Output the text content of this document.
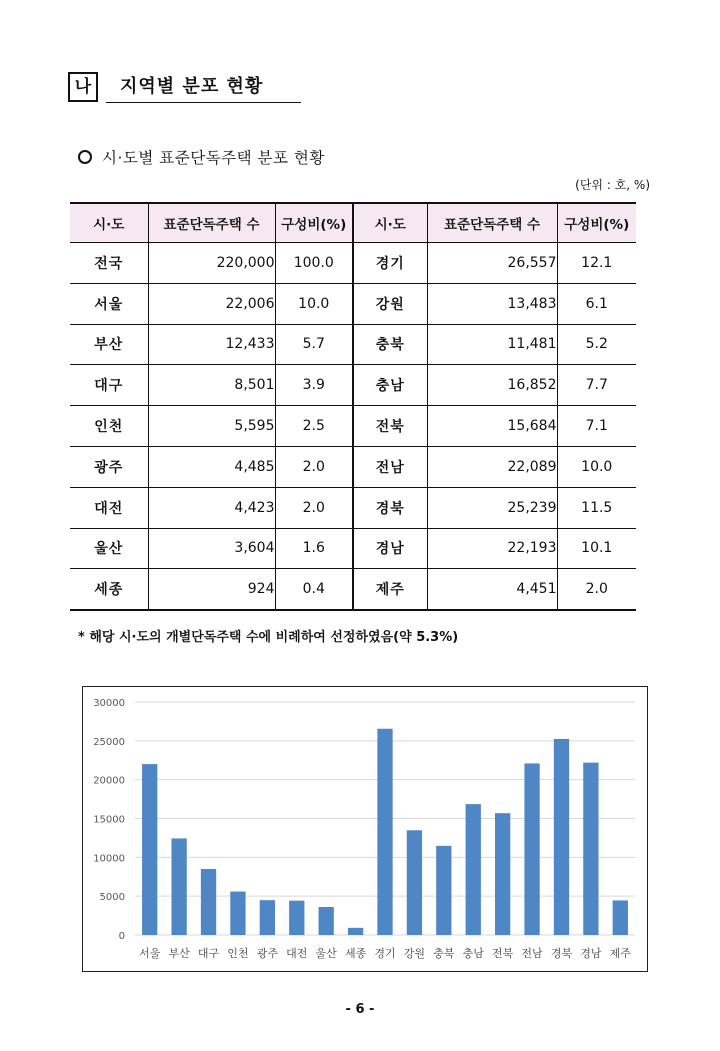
나	지역별 분포 현황
시·도별 표준단독주택 분포 현황
(단위 : 호, %)
시·도	표준단독주택 수	구성비(%)	시·도	표준단독주택 수	구성비(%)
전국	220,000	100.0	경기	26,557	12.1
서울	22,006	10.0	강원	13,483	6.1
부산	12,433	5.7	충북	11,481	5.2
대구	8,501	3.9	충남	16,852	7.7
인천	5,595	2.5	전북	15,684	7.1
광주	4,485	2.0	전남	22,089	10.0
대전	4,423	2.0	경북	25,239	11.5
울산	3,604	1.6	경남	22,193	10.1
세종	924	0.4	제주	4,451	2.0
* 해당 시·도의 개별단독주택 수에 비례하여 선정하였음(약 5.3%)
0
5000
10000
15000
20000
25000
30000
서울 부산 대구 인천 광주 대전 울산 세종 경기 강원 충북 충남 전북 전남 경북 경남 제주
- 6 -
